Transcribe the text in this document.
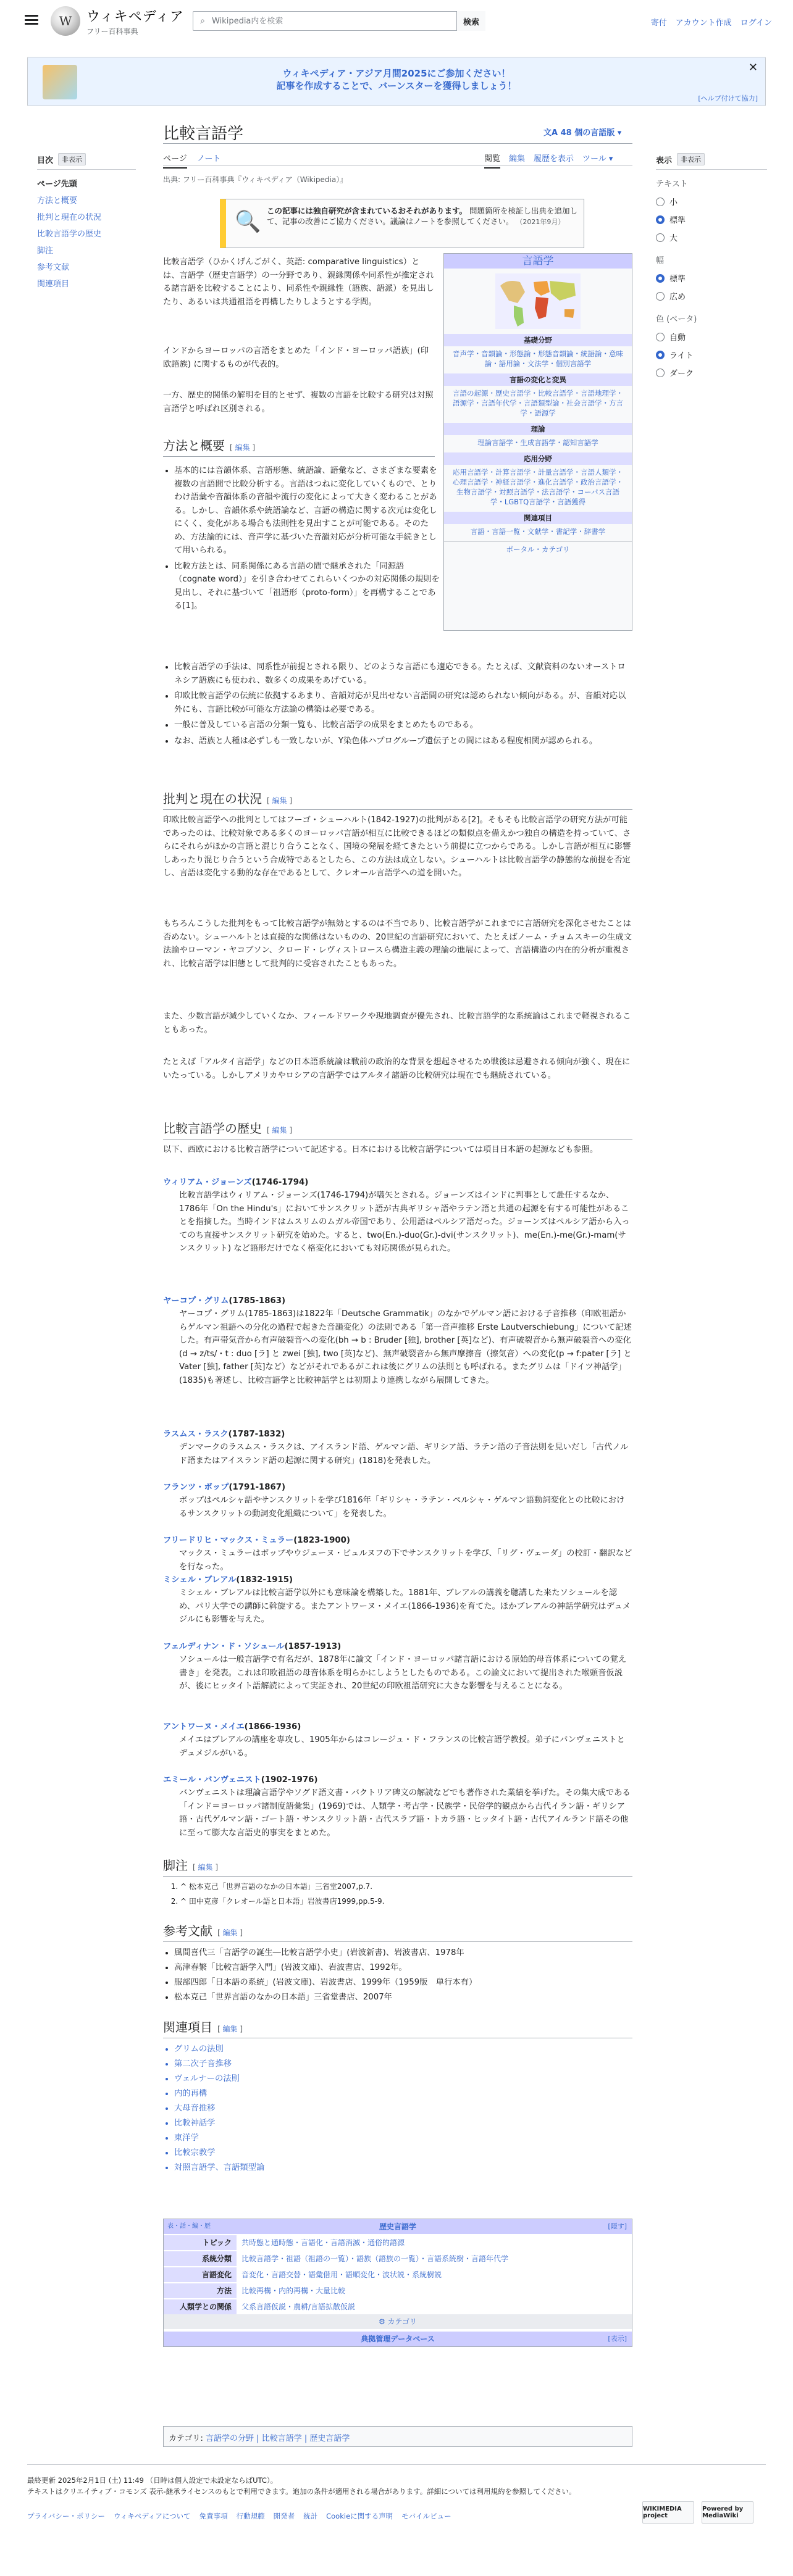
W	ウィキペディア
フリー百科事典
⌕
Wikipedia内を検索	検索	寄付 アカウント作成 ログイン
ウィキペディア・アジア月間2025にご参加ください！
記事を作成することで、バーンスターを獲得しましょう！
✕
[ヘルプ付けて協力]
目次	非表示
ページ先頭
方法と概要
批判と現在の状況
比較言語学の歴史
脚注
参考文献
関連項目
比較言語学	文A 48 個の言語版 ▾
ページ ノート	閲覧 編集 履歴を表示 ツール ▾
出典: フリー百科事典『ウィキペディア（Wikipedia）』
🔍 この記事には独自研究が含まれているおそれがあります。 問題箇所を検証し出典を追加して、記事の改善にご協力ください。議論はノートを参照してください。 （2021年9月）
比較言語学（ひかくげんごがく、英語: comparative linguistics）とは、言語学（歴史言語学）の一分野であり、親縁関係や同系性が推定される諸言語を比較することにより、同系性や親縁性（語族、語派）を見出したり、あるいは共通祖語を再構したりしようとする学問。
インドからヨーロッパの言語をまとめた「インド・ヨーロッパ語族」(印欧語族) に関するものが代表的。
一方、歴史的関係の解明を目的とせず、複数の言語を比較する研究は対照言語学と呼ばれ区別される。
言語学
基礎分野
音声学・音韻論・形態論・形態音韻論・統語論・意味論・語用論・文法学・個別言語学
言語の変化と変異
言語の起源・歴史言語学・比較言語学・言語地理学・語源学・言語年代学・言語類型論・社会言語学・方言学・語源学
理論
理論言語学・生成言語学・認知言語学
応用分野
応用言語学・計算言語学・計量言語学・言語人類学・心理言語学・神経言語学・進化言語学・政治言語学・生物言語学・対照言語学・法言語学・コーパス言語学・LGBTQ言語学・言語獲得
関連項目
言語・言語一覧・文献学・書記学・辞書学
ポータル・カテゴリ
方法と概要 [ 編集 ]
• 基本的には音韻体系、言語形態、統語論、語彙など、さまざまな要素を複数の言語間で比較分析する。言語はつねに変化していくもので、とりわけ語彙や音韻体系の音韻や流行の変化によって大きく変わることがある。しかし、音韻体系や統語論など、言語の構造に関する次元は変化しにくく、変化がある場合も法則性を見出すことが可能である。そのため、方法論的には、音声学に基づいた音韻対応が分析可能な手続きとして用いられる。
• 比較方法とは、同系関係にある言語の間で継承された「同源語（cognate word）」を引き合わせてこれらいくつかの対応関係の規則を見出し、それに基づいて「祖語形（proto-form）」を再構することである[1]。
• 比較言語学の手法は、同系性が前提とされる限り、どのような言語にも適応できる。たとえば、文献資料のないオーストロネシア語族にも使われ、数多くの成果をあげている。
• 印欧比較言語学の伝統に依拠するあまり、音韻対応が見出せない言語間の研究は認められない傾向がある。が、音韻対応以外にも、言語比較が可能な方法論の構築は必要である。
• 一般に普及している言語の分類一覧も、比較言語学の成果をまとめたものである。
• なお、語族と人種は必ずしも一致しないが、Y染色体ハプログループ遺伝子との間にはある程度相関が認められる。
批判と現在の状況 [ 編集 ]
印欧比較言語学への批判としてはフーゴ・シューハルト(1842-1927)の批判がある[2]。そもそも比較言語学の研究方法が可能であったのは、比較対象である多くのヨーロッパ言語が相互に比較できるほどの類似点を備えかつ独自の構造を持っていて、さらにそれらがほかの言語と混じり合うことなく、国境の発展を経てきたという前提に立つからである。しかし言語が相互に影響しあったり混じり合うという合成特であるとしたら、この方法は成立しない。シューハルトは比較言語学の静態的な前提を否定し、言語は変化する動的な存在であるとして、クレオール言語学への道を開いた。
もちろんこうした批判をもって比較言語学が無効とするのは不当であり、比較言語学がこれまでに言語研究を深化させたことは否めない。シューハルトとは直接的な関係はないものの、20世紀の言語研究において、たとえばノーム・チョムスキーの生成文法論やローマン・ヤコブソン、クロード・レヴィストロースら構造主義の理論の進展によって、言語構造の内在的分析が重視され、比較言語学は旧態として批判的に受容されたこともあった。
また、少数言語が減少していくなか、フィールドワークや現地調査が優先され、比較言語学的な系統論はこれまで軽視されることもあった。
たとえば「アルタイ言語学」などの日本語系統論は戦前の政治的な背景を想起させるため戦後は忌避される傾向が強く、現在にいたっている。しかしアメリカやロシアの言語学ではアルタイ諸語の比較研究は現在でも継続されている。
比較言語学の歴史 [ 編集 ]
以下、西欧における比較言語学について記述する。日本における比較言語学については項目日本語の起源なども参照。
ウィリアム・ジョーンズ(1746-1794)
比較言語学はウィリアム・ジョーンズ(1746-1794)が嚆矢とされる。ジョーンズはインドに判事として赴任するなか、1786年「On the Hindu's」においてサンスクリット語が古典ギリシャ語やラテン語と共通の起源を有する可能性があることを指摘した。当時インドはムスリムのムガル帝国であり、公用語はペルシア語だった。ジョーンズはペルシア語から入ってのち直接サンスクリット研究を始めた。すると、two(En.)-duo(Gr.)-dvi(サンスクリット)、me(En.)-me(Gr.)-mam(サンスクリット) など語形だけでなく格変化においても対応関係が見られた。
ヤーコプ・グリム(1785-1863)
ヤーコプ・グリム(1785-1863)は1822年「Deutsche Grammatik」のなかでゲルマン語における子音推移（印欧祖語からゲルマン祖語への分化の過程で起きた音韻変化）の法則である「第一音声推移 Erste Lautverschiebung」について記述した。有声帯気音から有声破裂音への変化(bh → b : Bruder [独], brother [英]など)、有声破裂音から無声破裂音への変化(d → z/ts/・t : duo [ラ] と zwei [独], two [英]など)、無声破裂音から無声摩擦音（擦気音）への変化(p → f:pater [ラ] と Vater [独], father [英]など）などがそれであるがこれは後にグリムの法則とも呼ばれる。またグリムは「ドイツ神話学」(1835)も著述し、比較言語学と比較神話学とは初期より連携しながら展開してきた。
ラスムス・ラスク(1787-1832)
デンマークのラスムス・ラスクは、アイスランド語、ゲルマン語、ギリシア語、ラテン語の子音法則を見いだし「古代ノルド語またはアイスランド語の起源に関する研究」(1818)を発表した。
フランツ・ボップ(1791-1867)
ボップはペルシャ語やサンスクリットを学び1816年「ギリシャ・ラテン・ペルシャ・ゲルマン語動詞変化との比較におけるサンスクリットの動詞変化組織について」を発表した。
フリードリヒ・マックス・ミュラー(1823-1900)
マックス・ミュラーはボップやウジェーヌ・ビュルヌフの下でサンスクリットを学び、「リグ・ヴェーダ」の校訂・翻訳などを行なった。
ミシェル・ブレアル(1832-1915)
ミシェル・ブレアルは比較言語学以外にも意味論を構築した。1881年、ブレアルの講義を聴講した来たソシュールを認め、パリ大学での講師に斡旋する。またアントワーヌ・メイエ(1866-1936)を育てた。ほかブレアルの神話学研究はデュメジルにも影響を与えた。
フェルディナン・ド・ソシュール(1857-1913)
ソシュールは一般言語学で有名だが、1878年に論文「インド・ヨーロッパ諸言語における原始的母音体系についての覚え書き」を発表。これは印欧祖語の母音体系を明らかにしようとしたものである。この論文において提出された喉頭音仮説が、後にヒッタイト語解読によって実証され、20世紀の印欧祖語研究に大きな影響を与えることになる。
アントワーヌ・メイエ(1866-1936)
メイエはブレアルの講座を専攻し、1905年からはコレージュ・ド・フランスの比較言語学教授。弟子にバンヴェニストとデュメジルがいる。
エミール・バンヴェニスト(1902-1976)
バンヴェニストは理論言語学やソグド語文書・バクトリア碑文の解読などでも著作された業績を挙げた。その集大成である「インド＝ヨーロッパ諸制度語彙集」(1969)では、人類学・考古学・民族学・民俗学的観点から古代イラン語・ギリシア語・古代ゲルマン語・ゴート語・サンスクリット語・古代スラブ語・トカラ語・ヒッタイト語・古代アイルランド語その他に至って膨大な言語史的事実をまとめた。
脚注 [ 編集 ]
1. ^ 松本克己「世界言語のなかの日本語」三省堂2007,p.7.
2. ^ 田中克彦「クレオール語と日本語」岩波書店1999,pp.5-9.
参考文献 [ 編集 ]
• 風間喜代三「言語学の誕生―比較言語学小史」(岩波新書)、岩波書店、1978年
• 高津春繁「比較言語学入門」(岩波文庫)、岩波書店、1992年。
• 服部四郎「日本語の系統」(岩波文庫)、岩波書店、1999年（1959版　単行本有）
• 松本克己「世界言語のなかの日本語」三省堂書店、2007年
関連項目 [ 編集 ]
• グリムの法則
• 第二次子音推移
• ヴェルナーの法則
• 内的再構
• 大母音推移
• 比較神話学
• 東洋学
• 比較宗教学
• 対照言語学、言語類型論
表・話・編・歴	歴史言語学	[隠す]
トピック	共時態と通時態・言語化・言語消滅・通俗的語源
系統分類	比較言語学・祖語（祖語の一覧）・語族（語族の一覧）・言語系統樹・言語年代学
言語変化	音変化・言語交替・語彙借用・語順変化・波状説・系統樹説
方法	比較再構・内的再構・大量比較
人類学との関係	父系言語仮説・農耕/言語拡散仮説
⚙ カテゴリ
典拠管理データベース	[表示]
カテゴリ: 言語学の分野 | 比較言語学 | 歴史言語学
表示	非表示
テキスト
小
標準
大
幅
標準
広め
色 (ベータ)
自動
ライト
ダーク
最終更新 2025年2月1日 (土) 11:49 （日時は個人設定で未設定ならばUTC）。
テキストはクリエイティブ・コモンズ 表示-継承ライセンスのもとで利用できます。追加の条件が適用される場合があります。詳細については利用規約を参照してください。
プライバシー・ポリシー ウィキペディアについて 免責事項 行動規範 開発者 統計 Cookieに関する声明 モバイルビュー
WIKIMEDIA project
Powered by MediaWiki
